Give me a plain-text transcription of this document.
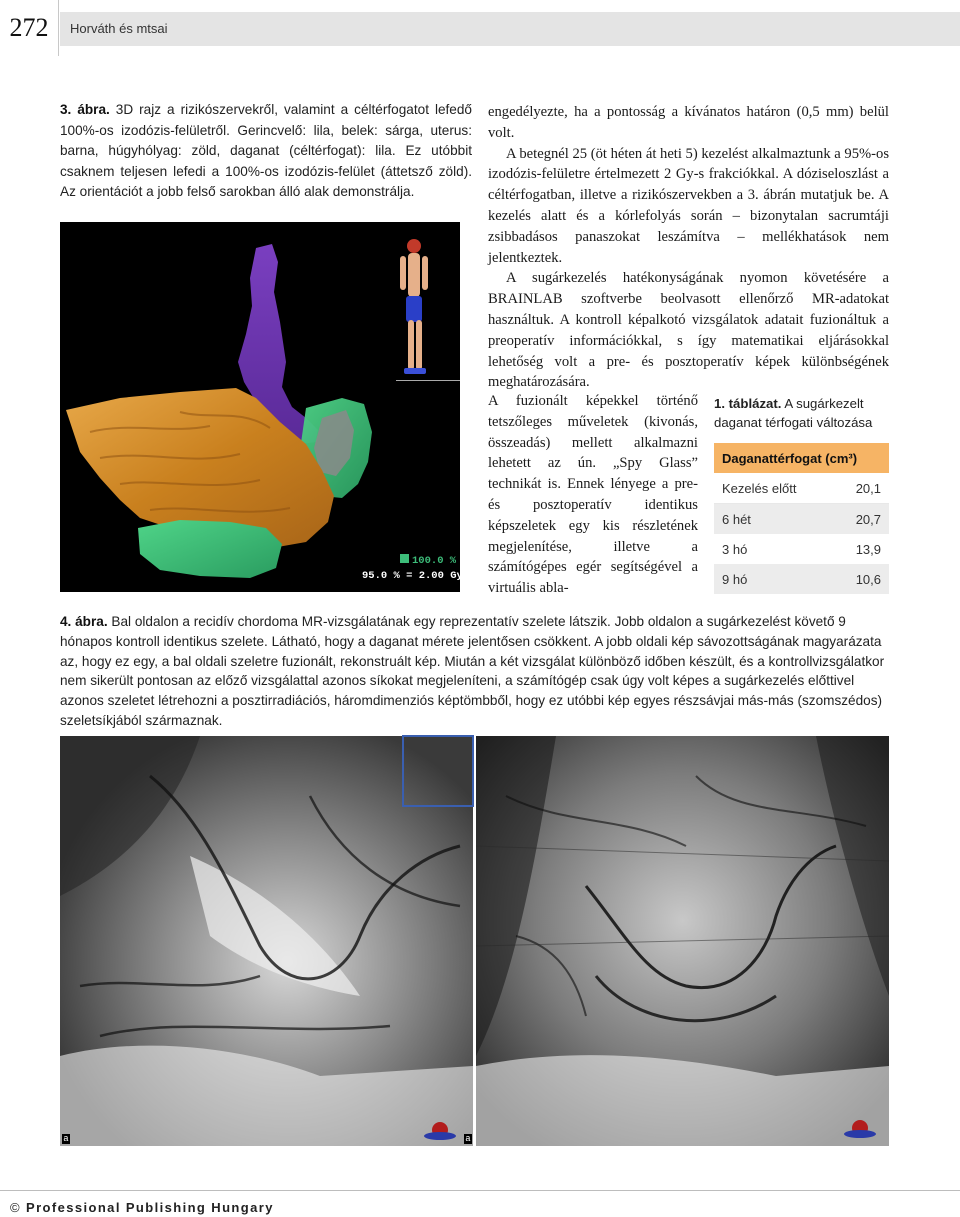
272	Horváth és mtsai
3. ábra. 3D rajz a rizikószervekről, valamint a céltérfogatot lefedő 100%-os izodózis-felületről. Gerincvelő: lila, belek: sárga, uterus: barna, húgyhólyag: zöld, daganat (céltérfogat): lila. Ez utóbbit csaknem teljesen lefedi a 100%-os izodózis-felület (áttetsző zöld). Az orientációt a jobb felső sarokban álló alak demonstrálja.
100.0 %
95.0 % = 2.00 Gy

engedélyezte, ha a pontosság a kívánatos határon (0,5 mm) belül volt.

A betegnél 25 (öt héten át heti 5) kezelést alkalmaztunk a 95%-os izodózis-felületre értelmezett 2 Gy-s frakciókkal. A dóziseloszlást a céltérfogatban, illetve a rizikószervekben a 3. ábrán mutatjuk be. A kezelés alatt és a kórlefolyás során – bizonytalan sacrumtáji zsibbadásos panaszokat leszámítva – mellékhatások nem jelentkeztek.

A sugárkezelés hatékonyságának nyomon követésére a BRAINLAB szoftverbe beolvasott ellenőrző MR-adatokat használtuk. A kontroll képalkotó vizsgálatok adatait fuzionáltuk a preoperatív információkkal, s így matematikai eljárásokkal lehetőség volt a pre- és posztoperatív képek különbségének meghatározására.

A fuzionált képekkel történő tetszőleges műveletek (kivonás, összeadás) mellett alkalmazni lehetett az ún. „Spy Glass” technikát is. Ennek lényege a pre- és posztoperatív identikus képszeletek egy kis részletének megjelenítése, illetve a számítógépes egér segítségével a virtuális abla-

1. táblázat. A sugárkezelt daganat térfogati változása
Daganattérfogat (cm³)	
Kezelés előtt	20,1
6 hét	20,7
3 hó	13,9
9 hó	10,6
4. ábra. Bal oldalon a recidív chordoma MR-vizsgálatának egy reprezentatív szelete látszik. Jobb oldalon a sugárkezelést követő 9 hónapos kontroll identikus szelete. Látható, hogy a daganat mérete jelentősen csökkent. A jobb oldali kép sávozottságának magyarázata az, hogy ez egy, a bal oldali szeletre fuzionált, rekonstruált kép. Miután a két vizsgálat különböző időben készült, és a kontrollvizsgálatkor nem sikerült pontosan az előző vizsgálattal azonos síkokat megjeleníteni, a számítógép csak úgy volt képes a sugárkezelés előttivel azonos szeletet létrehozni a posztirradiációs, háromdimenziós képtömbből, hogy ez utóbbi kép egyes részsávjai más-más (szomszédos) szeletsíkjából származnak.
a	a
© Professional Publishing Hungary
